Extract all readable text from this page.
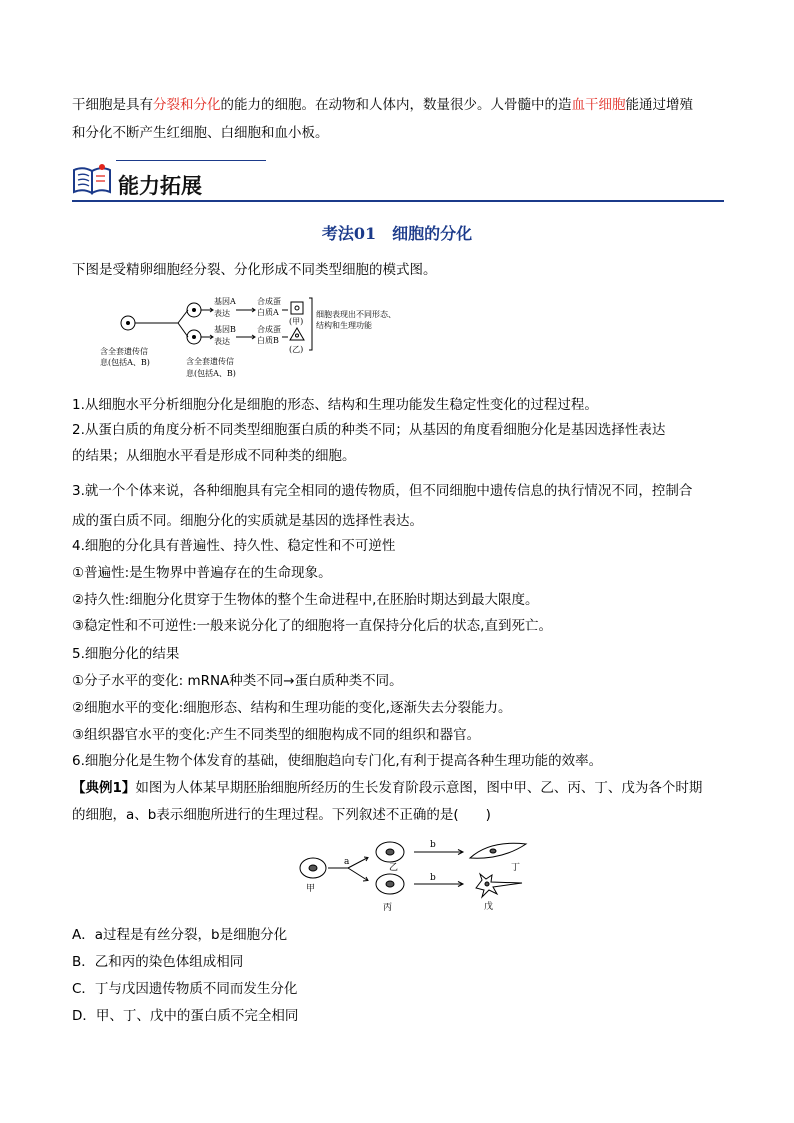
干细胞是具有分裂和分化的能力的细胞。在动物和人体内，数量很少。人骨髓中的造血干细胞能通过增殖
和分化不断产生红细胞、白细胞和血小板。
能力拓展
考法01　细胞的分化
下图是受精卵细胞经分裂、分化形成不同类型细胞的模式图。
基因A
表达
基因B
表达
合成蛋
白质A
合成蛋
白质B
(甲)
(乙)
细胞表现出不同形态、
结构和生理功能
含全套遗传信
息(包括A、B)	含全套遗传信
息(包括A、B)
1.从细胞水平分析细胞分化是细胞的形态、结构和生理功能发生稳定性变化的过程过程。
2.从蛋白质的角度分析不同类型细胞蛋白质的种类不同；从基因的角度看细胞分化是基因选择性表达
的结果；从细胞水平看是形成不同种类的细胞。
3.就一个个体来说，各种细胞具有完全相同的遗传物质，但不同细胞中遗传信息的执行情况不同，控制合
成的蛋白质不同。细胞分化的实质就是基因的选择性表达。
4.细胞的分化具有普遍性、持久性、稳定性和不可逆性
①普遍性:是生物界中普遍存在的生命现象。
②持久性:细胞分化贯穿于生物体的整个生命进程中,在胚胎时期达到最大限度。
③稳定性和不可逆性:一般来说分化了的细胞将一直保持分化后的状态,直到死亡。
5.细胞分化的结果
①分子水平的变化: mRNA种类不同→蛋白质种类不同。
②细胞水平的变化:细胞形态、结构和生理功能的变化,逐渐失去分裂能力。
③组织器官水平的变化:产生不同类型的细胞构成不同的组织和器官。
6.细胞分化是生物个体发育的基础，使细胞趋向专门化,有利于提高各种生理功能的效率。
【典例1】如图为人体某早期胚胎细胞所经历的生长发育阶段示意图，图中甲、乙、丙、丁、戊为各个时期
的细胞，a、b表示细胞所进行的生理过程。下列叙述不正确的是(　　)
a
b
b
甲
乙
丙
丁
戊
A．a过程是有丝分裂，b是细胞分化
B．乙和丙的染色体组成相同
C．丁与戊因遗传物质不同而发生分化
D．甲、丁、戊中的蛋白质不完全相同
